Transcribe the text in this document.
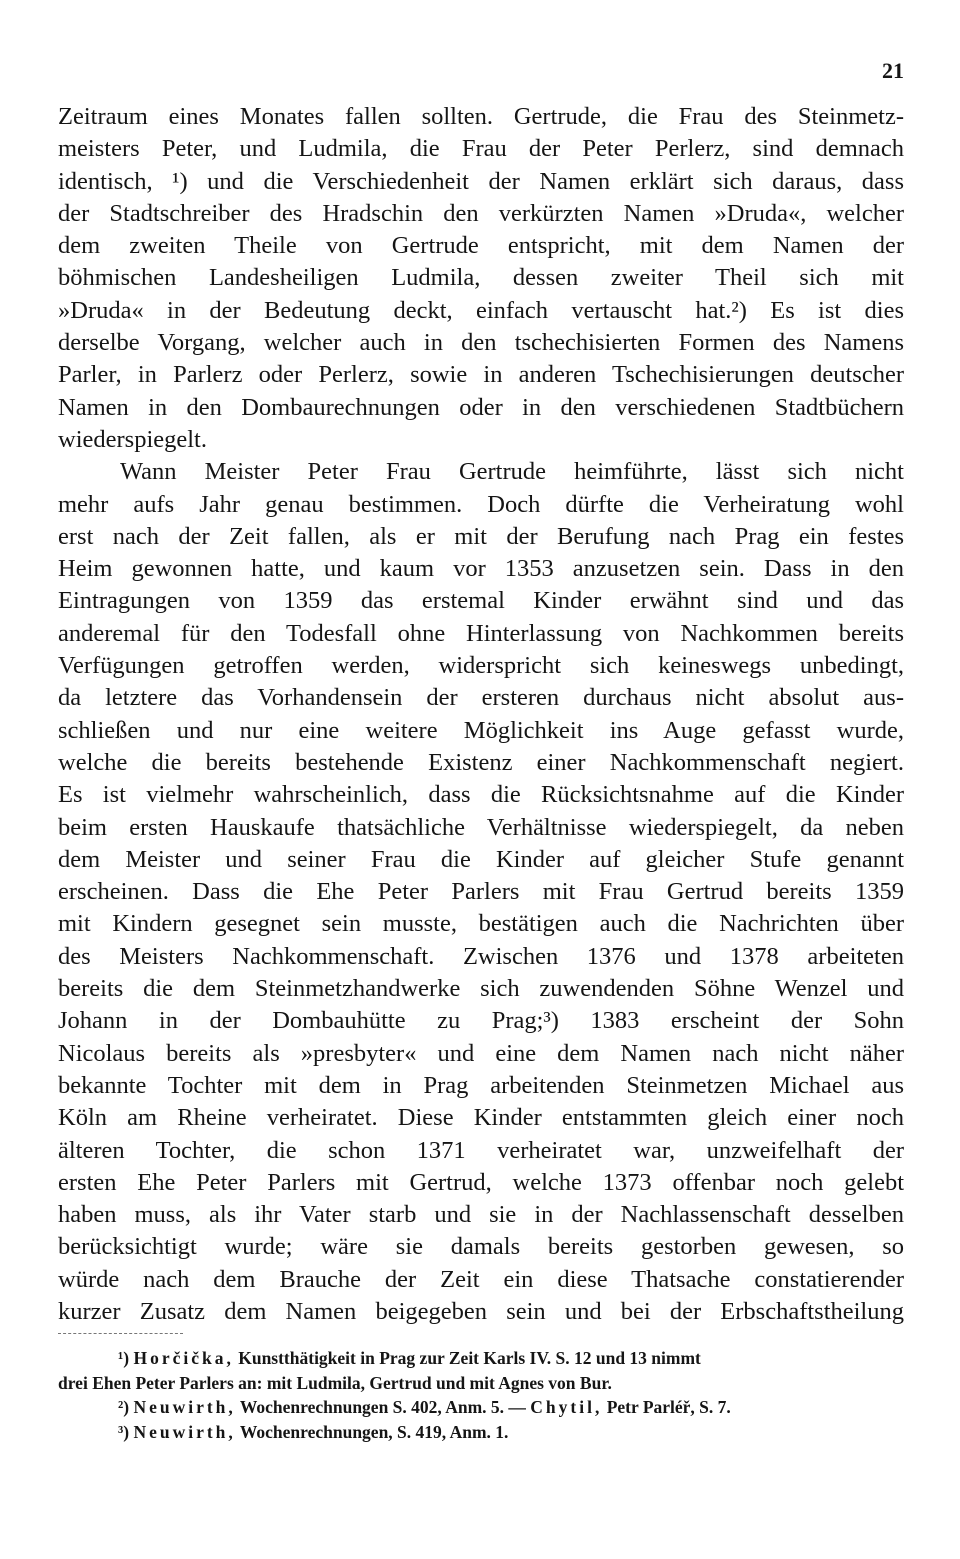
21
Zeitraum eines Monates fallen sollten. Gertrude, die Frau des Steinmetz-
meisters Peter, und Ludmila, die Frau der Peter Perlerz, sind demnach
identisch, ¹) und die Verschiedenheit der Namen erklärt sich daraus, dass
der Stadtschreiber des Hradschin den verkürzten Namen »Druda«, welcher
dem zweiten Theile von Gertrude entspricht, mit dem Namen der
böhmischen Landesheiligen Ludmila, dessen zweiter Theil sich mit
»Druda« in der Bedeutung deckt, einfach vertauscht hat.²) Es ist dies
derselbe Vorgang, welcher auch in den tschechisierten Formen des Namens
Parler, in Parlerz oder Perlerz, sowie in anderen Tschechisierungen deutscher
Namen in den Dombaurechnungen oder in den verschiedenen Stadtbüchern
wiederspiegelt.
Wann Meister Peter Frau Gertrude heimführte, lässt sich nicht
mehr aufs Jahr genau bestimmen. Doch dürfte die Verheiratung wohl
erst nach der Zeit fallen, als er mit der Berufung nach Prag ein festes
Heim gewonnen hatte, und kaum vor 1353 anzusetzen sein. Dass in den
Eintragungen von 1359 das erstemal Kinder erwähnt sind und das
anderemal für den Todesfall ohne Hinterlassung von Nachkommen bereits
Verfügungen getroffen werden, widerspricht sich keineswegs unbedingt,
da letztere das Vorhandensein der ersteren durchaus nicht absolut aus-
schließen und nur eine weitere Möglichkeit ins Auge gefasst wurde,
welche die bereits bestehende Existenz einer Nachkommenschaft negiert.
Es ist vielmehr wahrscheinlich, dass die Rücksichtsnahme auf die Kinder
beim ersten Hauskaufe thatsächliche Verhältnisse wiederspiegelt, da neben
dem Meister und seiner Frau die Kinder auf gleicher Stufe genannt
erscheinen. Dass die Ehe Peter Parlers mit Frau Gertrud bereits 1359
mit Kindern gesegnet sein musste, bestätigen auch die Nachrichten über
des Meisters Nachkommenschaft. Zwischen 1376 und 1378 arbeiteten
bereits die dem Steinmetzhandwerke sich zuwendenden Söhne Wenzel und
Johann in der Dombauhütte zu Prag;³) 1383 erscheint der Sohn
Nicolaus bereits als »presbyter« und eine dem Namen nach nicht näher
bekannte Tochter mit dem in Prag arbeitenden Steinmetzen Michael aus
Köln am Rheine verheiratet. Diese Kinder entstammten gleich einer noch
älteren Tochter, die schon 1371 verheiratet war, unzweifelhaft der
ersten Ehe Peter Parlers mit Gertrud, welche 1373 offenbar noch gelebt
haben muss, als ihr Vater starb und sie in der Nachlassenschaft desselben
berücksichtigt wurde; wäre sie damals bereits gestorben gewesen, so
würde nach dem Brauche der Zeit ein diese Thatsache constatierender
kurzer Zusatz dem Namen beigegeben sein und bei der Erbschaftstheilung
¹) Horčička, Kunstthätigkeit in Prag zur Zeit Karls IV. S. 12 und 13 nimmt
drei Ehen Peter Parlers an: mit Ludmila, Gertrud und mit Agnes von Bur.
²) Neuwirth, Wochenrechnungen S. 402, Anm. 5. — Chytil, Petr Parléř, S. 7.
³) Neuwirth, Wochenrechnungen, S. 419, Anm. 1.
